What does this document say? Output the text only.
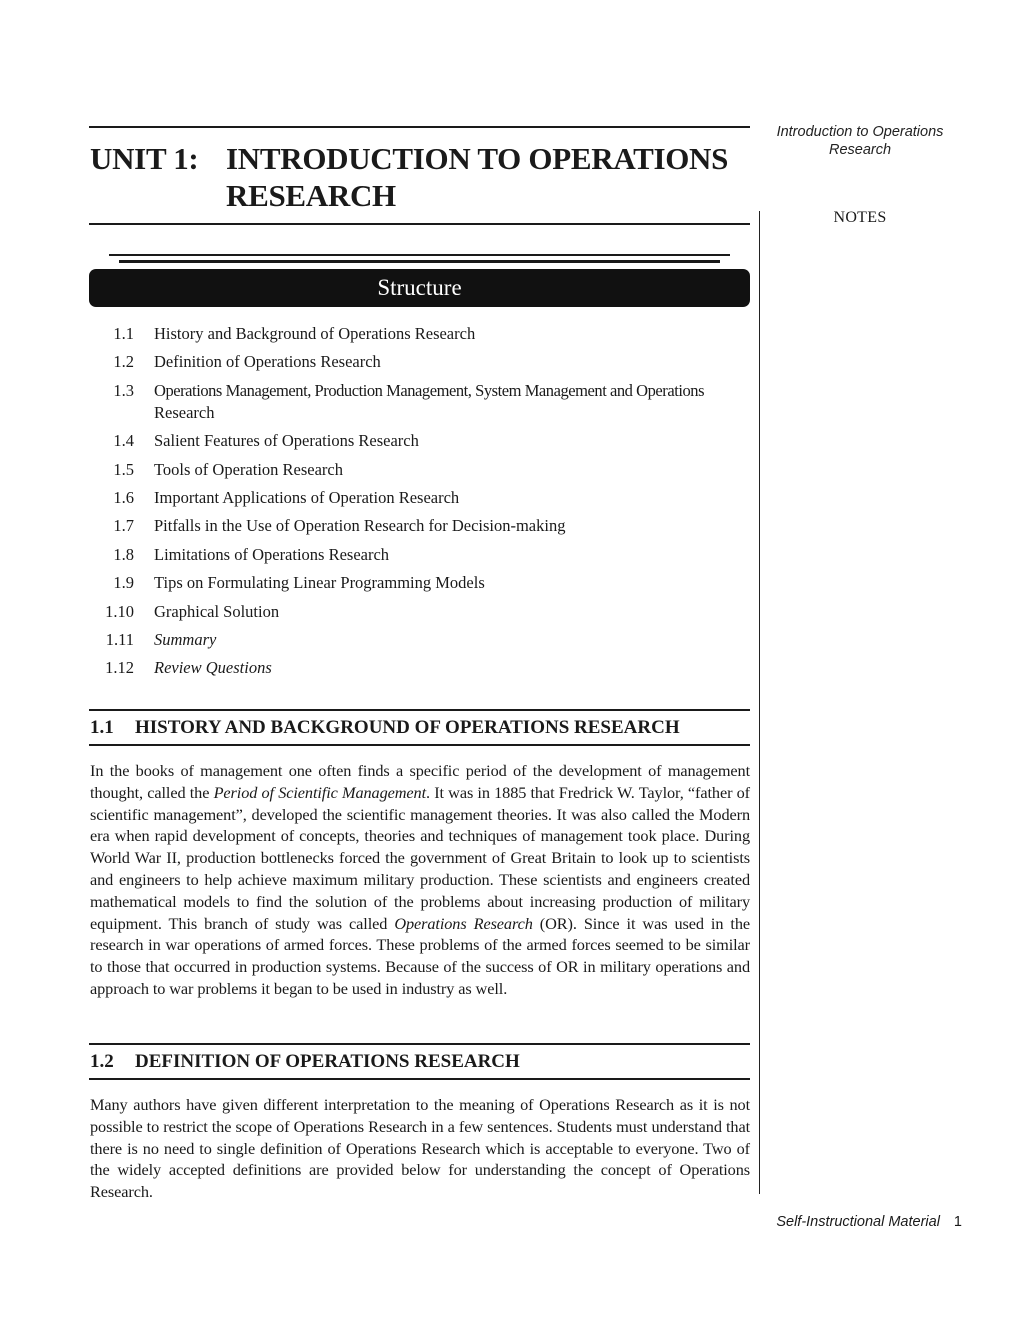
Introduction to Operations
Research
NOTES
UNIT 1: INTRODUCTION TO OPERATIONS
RESEARCH
Structure
1.1 History and Background of Operations Research
1.2 Definition of Operations Research
1.3 Operations Management, Production Management, System Management and Operations
Research
1.4 Salient Features of Operations Research
1.5 Tools of Operation Research
1.6 Important Applications of Operation Research
1.7 Pitfalls in the Use of Operation Research for Decision-making
1.8 Limitations of Operations Research
1.9 Tips on Formulating Linear Programming Models
1.10 Graphical Solution
1.11 Summary
1.12 Review Questions
1.1 HISTORY AND BACKGROUND OF OPERATIONS RESEARCH
In the books of management one often finds a specific period of the development of management thought, called the Period of Scientific Management. It was in 1885 that Fredrick W. Taylor, “father of scientific management”, developed the scientific management theories. It was also called the Modern era when rapid development of concepts, theories and techniques of management took place. During World War II, production bottlenecks forced the government of Great Britain to look up to scientists and engineers to help achieve maximum military production. These scientists and engineers created mathematical models to find the solution of the problems about increasing production of military equipment. This branch of study was called Operations Research (OR). Since it was used in the research in war operations of armed forces. These problems of the armed forces seemed to be similar to those that occurred in production systems. Because of the success of OR in military operations and approach to war problems it began to be used in industry as well.
1.2 DEFINITION OF OPERATIONS RESEARCH
Many authors have given different interpretation to the meaning of Operations Research as it is not possible to restrict the scope of Operations Research in a few sentences. Students must understand that there is no need to single definition of Operations Research which is acceptable to everyone. Two of the widely accepted definitions are provided below for understanding the concept of Operations Research.
Self-Instructional Material 1
